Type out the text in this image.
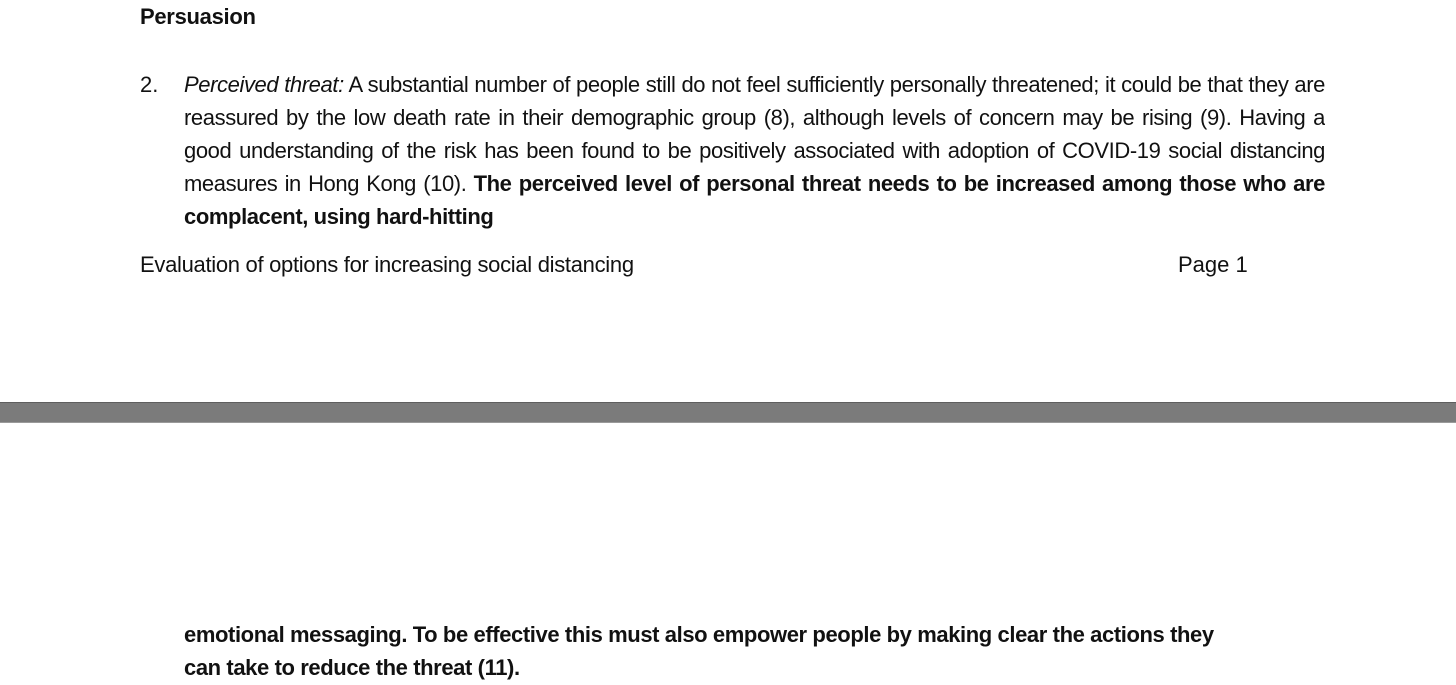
Persuasion
2. Perceived threat: A substantial number of people still do not feel sufficiently personally threatened; it could be that they are reassured by the low death rate in their demographic group (8), although levels of concern may be rising (9). Having a good understanding of the risk has been found to be positively associated with adoption of COVID-19 social distancing measures in Hong Kong (10). The perceived level of personal threat needs to be increased among those who are complacent, using hard-hitting
Evaluation of options for increasing social distancing	Page 1
emotional messaging. To be effective this must also empower people by making clear the actions they
can take to reduce the threat (11).
